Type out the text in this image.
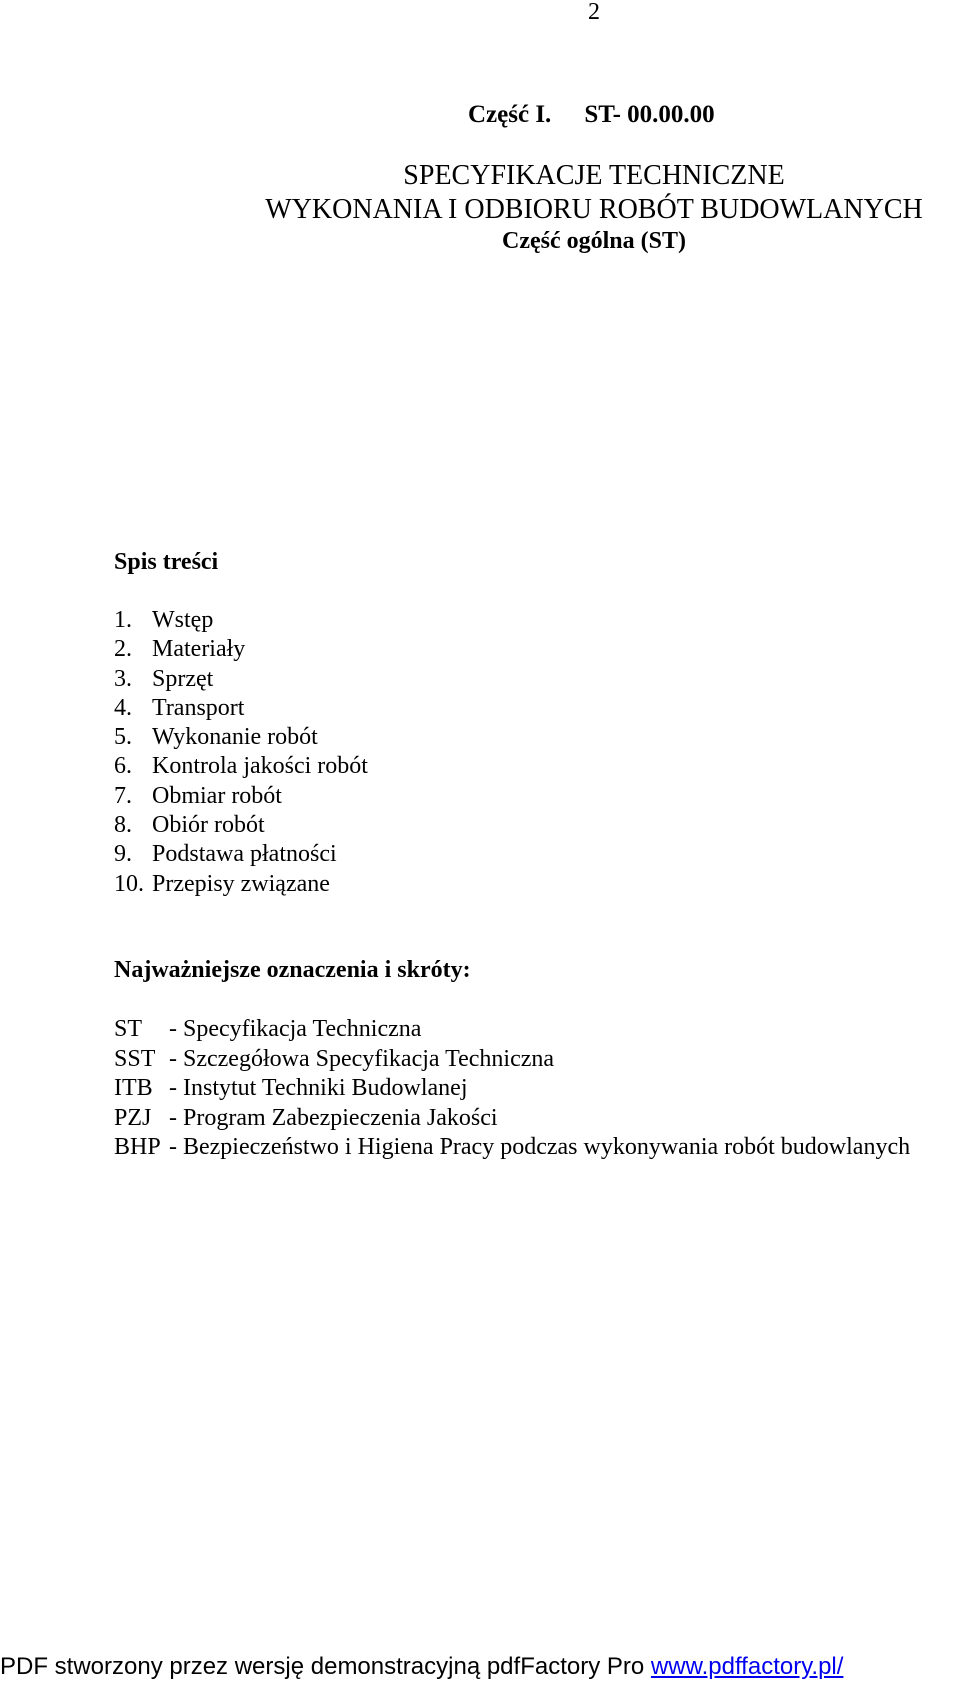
2
Część I. ST- 00.00.00
SPECYFIKACJE TECHNICZNE
WYKONANIA I ODBIORU ROBÓT BUDOWLANYCH
Część ogólna (ST)
Spis treści
1. Wstęp
2. Materiały
3. Sprzęt
4. Transport
5. Wykonanie robót
6. Kontrola jakości robót
7. Obmiar robót
8. Obiór robót
9. Podstawa płatności
10. Przepisy związane
Najważniejsze oznaczenia i skróty:
ST - Specyfikacja Techniczna
SST - Szczegółowa Specyfikacja Techniczna
ITB - Instytut Techniki Budowlanej
PZJ - Program Zabezpieczenia Jakości
BHP - Bezpieczeństwo i Higiena Pracy podczas wykonywania robót budowlanych
PDF stworzony przez wersję demonstracyjną pdfFactory Pro www.pdffactory.pl/
